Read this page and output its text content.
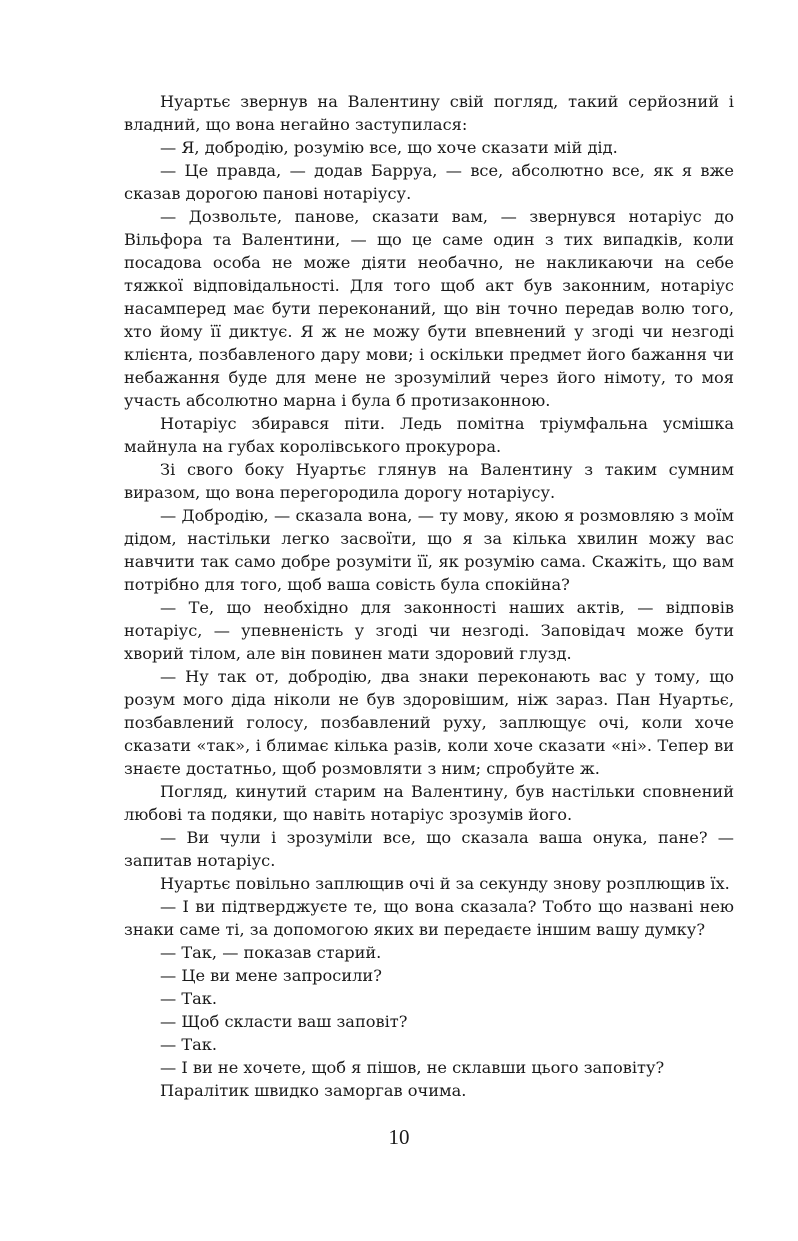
Нуартьє звернув на Валентину свій погляд, такий серйозний і владний, що вона негайно заступилася:

— Я, добродію, розумію все, що хоче сказати мій дід.

— Це правда, — додав Барруа, — все, абсолютно все, як я вже сказав дорогою панові нотаріусу.

— Дозвольте, панове, сказати вам, — звернувся нотаріус до Вільфора та Валентини, — що це саме один з тих випадків, коли посадова особа не може діяти необачно, не накликаючи на себе тяжкої відповідальності. Для того щоб акт був законним, нотаріус насамперед має бути переконаний, що він точно передав волю того, хто йому її диктує. Я ж не можу бути впевнений у згоді чи незгоді клієнта, позбавленого дару мови; і оскільки предмет його бажання чи небажання буде для мене не зрозумілий через його німоту, то моя участь абсолютно марна і була б протизаконною.

Нотаріус збирався піти. Ледь помітна тріумфальна усмішка майнула на губах королівського прокурора.

Зі свого боку Нуартьє глянув на Валентину з таким сумним виразом, що вона перегородила дорогу нотаріусу.

— Добродію, — сказала вона, — ту мову, якою я розмовляю з моїм дідом, настільки легко засвоїти, що я за кілька хвилин можу вас навчити так само добре розуміти її, як розумію сама. Скажіть, що вам потрібно для того, щоб ваша совість була спокійна?

— Те, що необхідно для законності наших актів, — відповів нотаріус, — упевненість у згоді чи незгоді. Заповідач може бути хворий тілом, але він повинен мати здоровий глузд.

— Ну так от, добродію, два знаки переконають вас у тому, що розум мого діда ніколи не був здоровішим, ніж зараз. Пан Нуартьє, позбавлений голосу, позбавлений руху, заплющує очі, коли хоче сказати «так», і блимає кілька разів, коли хоче сказати «ні». Тепер ви знаєте достатньо, щоб розмовляти з ним; спробуйте ж.

Погляд, кинутий старим на Валентину, був настільки сповнений любові та подяки, що навіть нотаріус зрозумів його.

— Ви чули і зрозуміли все, що сказала ваша онука, пане? — запитав нотаріус.

Нуартьє повільно заплющив очі й за секунду знову розплющив їх.

— І ви підтверджуєте те, що вона сказала? Тобто що названі нею знаки саме ті, за допомогою яких ви передаєте іншим вашу думку?

— Так, — показав старий.

— Це ви мене запросили?

— Так.

— Щоб скласти ваш заповіт?

— Так.

— І ви не хочете, щоб я пішов, не склавши цього заповіту?

Паралітик швидко заморгав очима.

10
